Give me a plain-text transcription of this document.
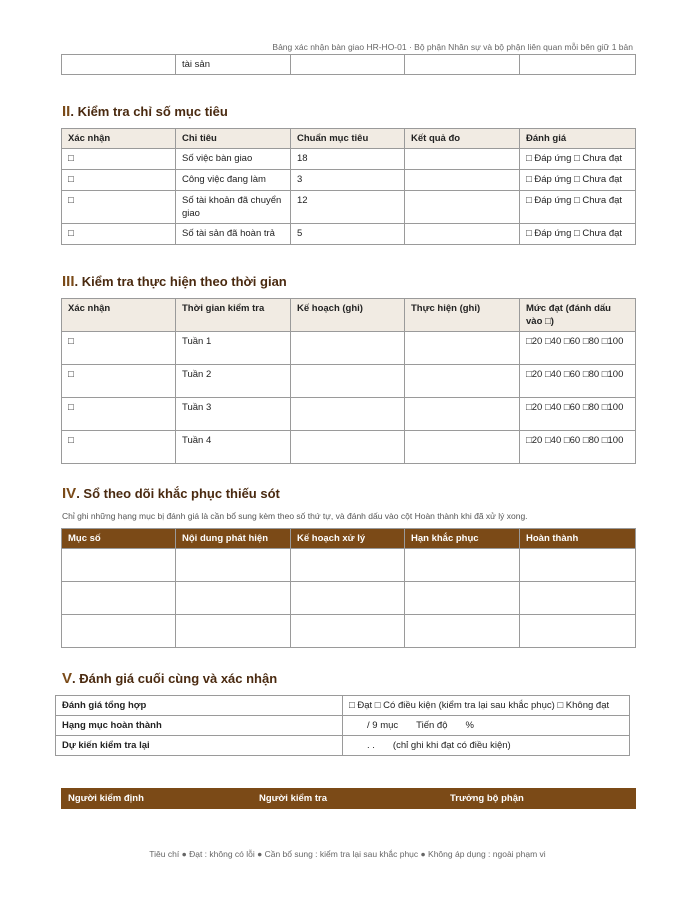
Bảng xác nhận bàn giao HR-HO-01 · Bộ phận Nhân sự và bộ phận liên quan mỗi bên giữ 1 bản
	tài sản			
II. Kiểm tra chỉ số mục tiêu
Xác nhận	Chỉ tiêu	Chuẩn mục tiêu	Kết quả đo	Đánh giá
□	Số việc bàn giao	18		□ Đáp ứng □ Chưa đạt
□	Công việc đang làm	3		□ Đáp ứng □ Chưa đạt
□	Số tài khoản đã chuyển giao	12		□ Đáp ứng □ Chưa đạt
□	Số tài sản đã hoàn trả	5		□ Đáp ứng □ Chưa đạt
III. Kiểm tra thực hiện theo thời gian
Xác nhận	Thời gian kiểm tra	Kế hoạch (ghi)	Thực hiện (ghi)	Mức đạt (đánh dấu vào □)
□	Tuần 1			□20 □40 □60 □80 □100
□	Tuần 2			□20 □40 □60 □80 □100
□	Tuần 3			□20 □40 □60 □80 □100
□	Tuần 4			□20 □40 □60 □80 □100
IV. Sổ theo dõi khắc phục thiếu sót
Chỉ ghi những hạng mục bị đánh giá là cần bổ sung kèm theo số thứ tự, và đánh dấu vào cột Hoàn thành khi đã xử lý xong.
Mục số	Nội dung phát hiện	Kế hoạch xử lý	Hạn khắc phục	Hoàn thành

V. Đánh giá cuối cùng và xác nhận
Đánh giá tổng hợp	□ Đạt □ Có điều kiện (kiểm tra lại sau khắc phục) □ Không đạt
Hạng mục hoàn thành	/ 9 mục Tiến độ %
Dự kiến kiểm tra lại	. . (chỉ ghi khi đạt có điều kiện)
Người kiểm định	Người kiểm tra	Trưởng bộ phận
Tiêu chí ● Đạt : không có lỗi ● Cần bổ sung : kiểm tra lại sau khắc phục ● Không áp dụng : ngoài phạm vi
